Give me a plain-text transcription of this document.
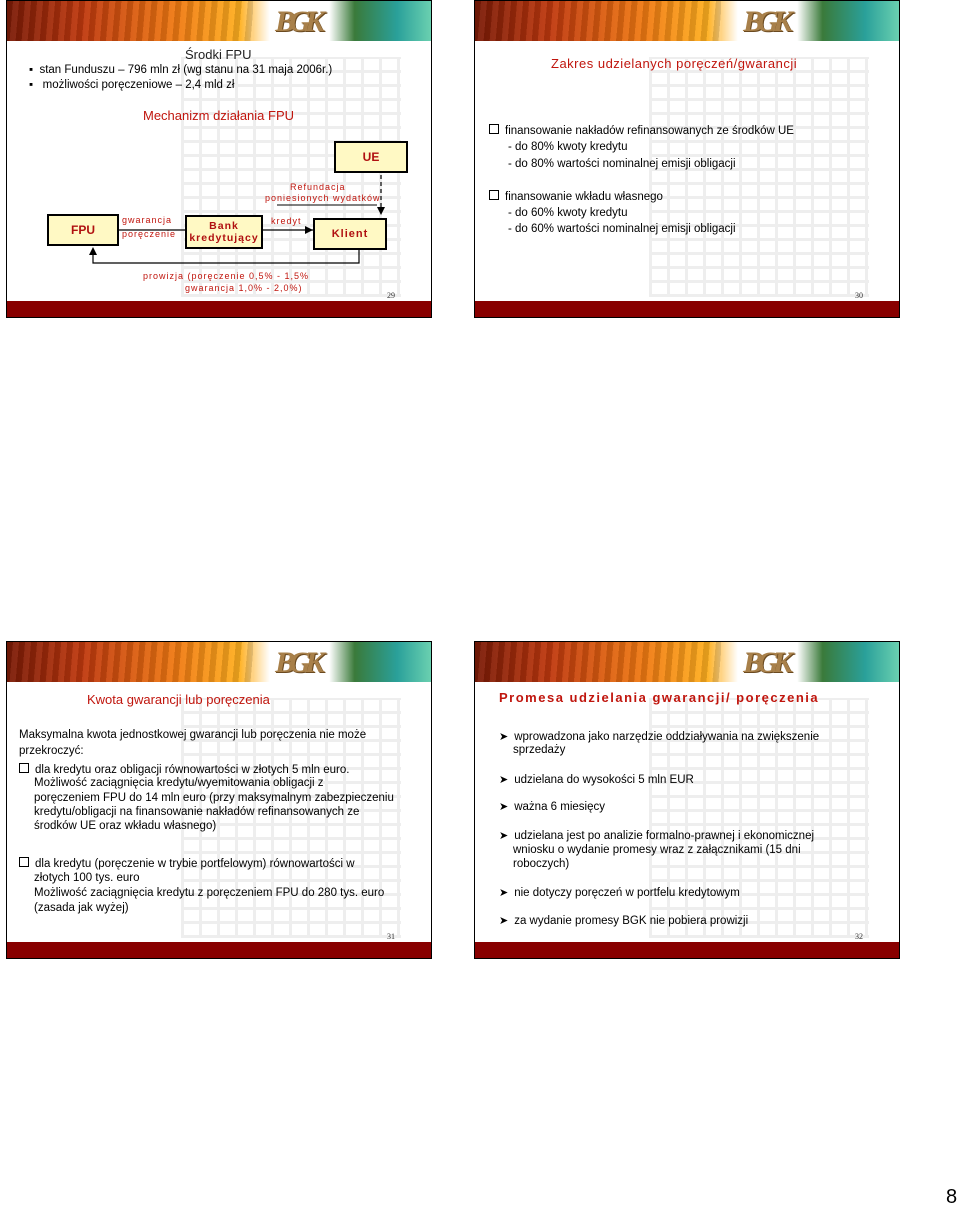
BGK
Środki FPU
▪  stan Funduszu – 796 mln zł (wg stanu na 31 maja 2006r.)
▪   możliwości poręczeniowe – 2,4 mld zł
Mechanizm działania FPU
UE
FPU	Bank
kredytujący	Klient
gwarancja
poręczenie
Refundacja
poniesionych wydatków
kredyt
prowizja (poręczenie 0,5% - 1,5%
gwarancja 1,0% - 2,0%)
29
BGK
Zakres udzielanych poręczeń/gwarancji
finansowanie nakładów refinansowanych ze środków UE
- do 80% kwoty kredytu
- do 80% wartości nominalnej emisji obligacji
finansowanie wkładu własnego
- do 60% kwoty kredytu
- do 60% wartości nominalnej emisji obligacji
30
BGK
Kwota gwarancji lub poręczenia
Maksymalna kwota jednostkowej gwarancji lub poręczenia nie może
przekroczyć:
dla kredytu oraz obligacji równowartości w złotych 5 mln euro.
Możliwość zaciągnięcia kredytu/wyemitowania obligacji z
poręczeniem FPU do 14 mln euro (przy maksymalnym zabezpieczeniu
kredytu/obligacji na finansowanie nakładów refinansowanych ze
środków UE oraz wkładu własnego)
dla kredytu (poręczenie w trybie portfelowym) równowartości w
złotych 100 tys. euro
Możliwość zaciągnięcia kredytu z poręczeniem FPU do 280 tys. euro
(zasada jak wyżej)
31
BGK
Promesa udzielania gwarancji/ poręczenia
➤ wprowadzona jako narzędzie oddziaływania na zwiększenie
sprzedaży
➤ udzielana do wysokości 5 mln EUR
➤ ważna 6 miesięcy
➤ udzielana jest po analizie formalno-prawnej i ekonomicznej
wniosku o wydanie promesy wraz z załącznikami (15 dni
roboczych)
➤ nie dotyczy poręczeń w portfelu kredytowym
➤ za wydanie promesy BGK nie pobiera prowizji
32
8
